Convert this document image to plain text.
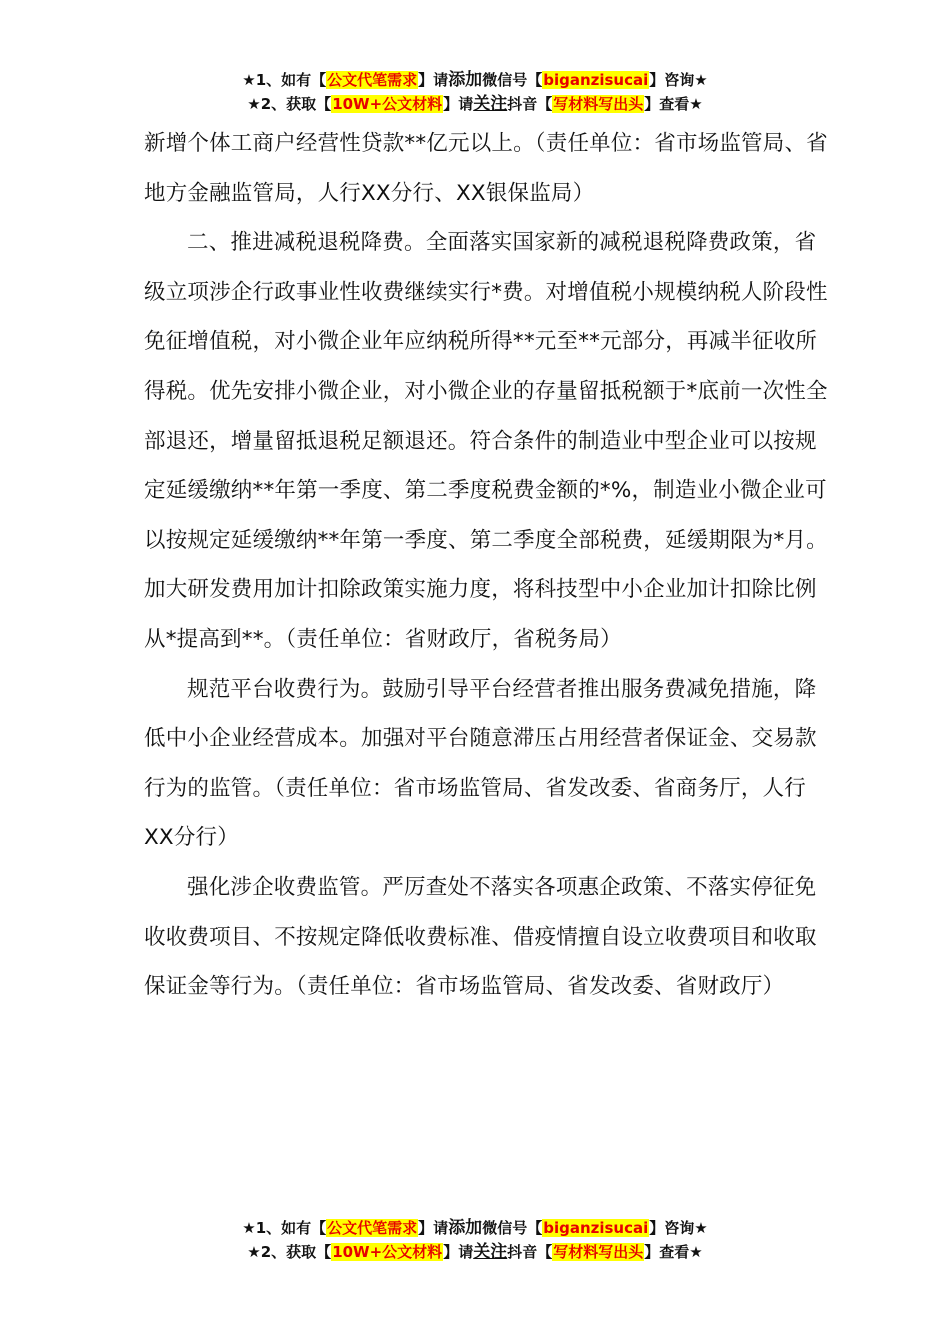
★1、如有【公文代笔需求】请添加微信号【biganzisucai】咨询★
★2、获取【10W+公文材料】请关注抖音【写材料写出头】查看★

新增个体工商户经营性贷款**亿元以上。（责任单位：省市场监管局、省地方金融监管局，人行XX分行、XX银保监局）

二、推进减税退税降费。全面落实国家新的减税退税降费政策，省级立项涉企行政事业性收费继续实行*费。对增值税小规模纳税人阶段性免征增值税，对小微企业年应纳税所得**元至**元部分，再减半征收所得税。优先安排小微企业，对小微企业的存量留抵税额于*底前一次性全部退还，增量留抵退税足额退还。符合条件的制造业中型企业可以按规定延缓缴纳**年第一季度、第二季度税费金额的*%，制造业小微企业可以按规定延缓缴纳**年第一季度、第二季度全部税费，延缓期限为*月。加大研发费用加计扣除政策实施力度，将科技型中小企业加计扣除比例从*提高到**。（责任单位：省财政厅，省税务局）

规范平台收费行为。鼓励引导平台经营者推出服务费减免措施，降低中小企业经营成本。加强对平台随意滞压占用经营者保证金、交易款行为的监管。（责任单位：省市场监管局、省发改委、省商务厅，人行XX分行）

强化涉企收费监管。严厉查处不落实各项惠企政策、不落实停征免收收费项目、不按规定降低收费标准、借疫情擅自设立收费项目和收取保证金等行为。（责任单位：省市场监管局、省发改委、省财政厅）

★1、如有【公文代笔需求】请添加微信号【biganzisucai】咨询★
★2、获取【10W+公文材料】请关注抖音【写材料写出头】查看★
